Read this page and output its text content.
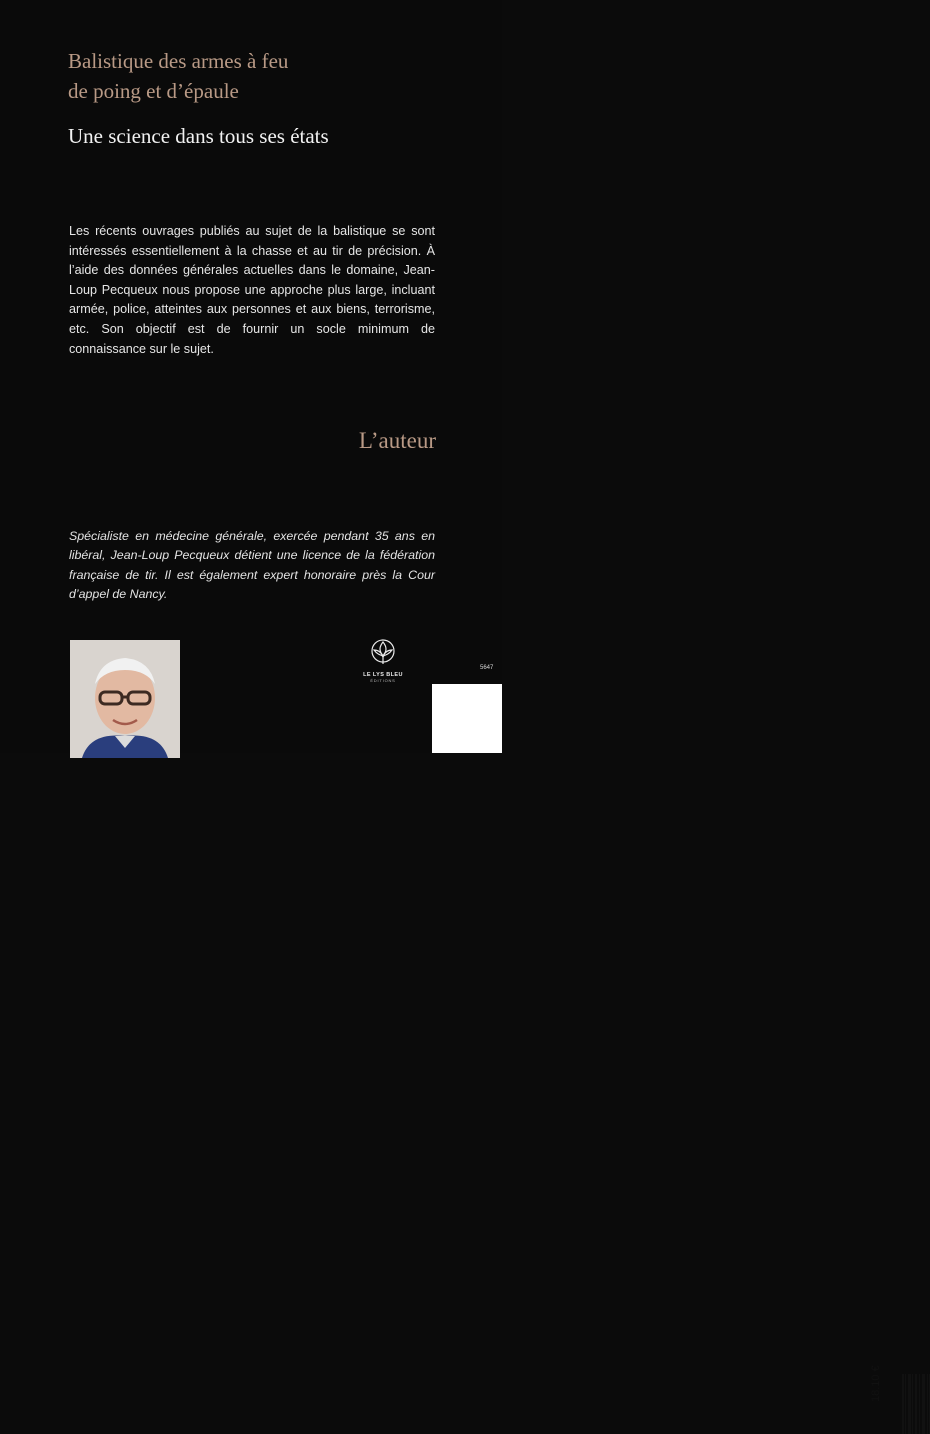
Balistique des armes à feu
de poing et d’épaule
Une science dans tous ses états
Les récents ouvrages publiés au sujet de la balistique se sont intéressés essentiellement à la chasse et au tir de précision. À l’aide des données générales actuelles dans le domaine, Jean-Loup Pecqueux nous propose une approche plus large, incluant armée, police, atteintes aux personnes et aux biens, terrorisme, etc. Son objectif est de fournir un socle minimum de connaissance sur le sujet.
L’auteur
Spécialiste en médecine générale, exercée pendant 35 ans en libéral, Jean-Loup Pecqueux détient une licence de la fédération française de tir. Il est également expert honoraire près la Cour d’appel de Nancy.
LE LYS BLEU
ÉDITIONS
5647
18.10 €
